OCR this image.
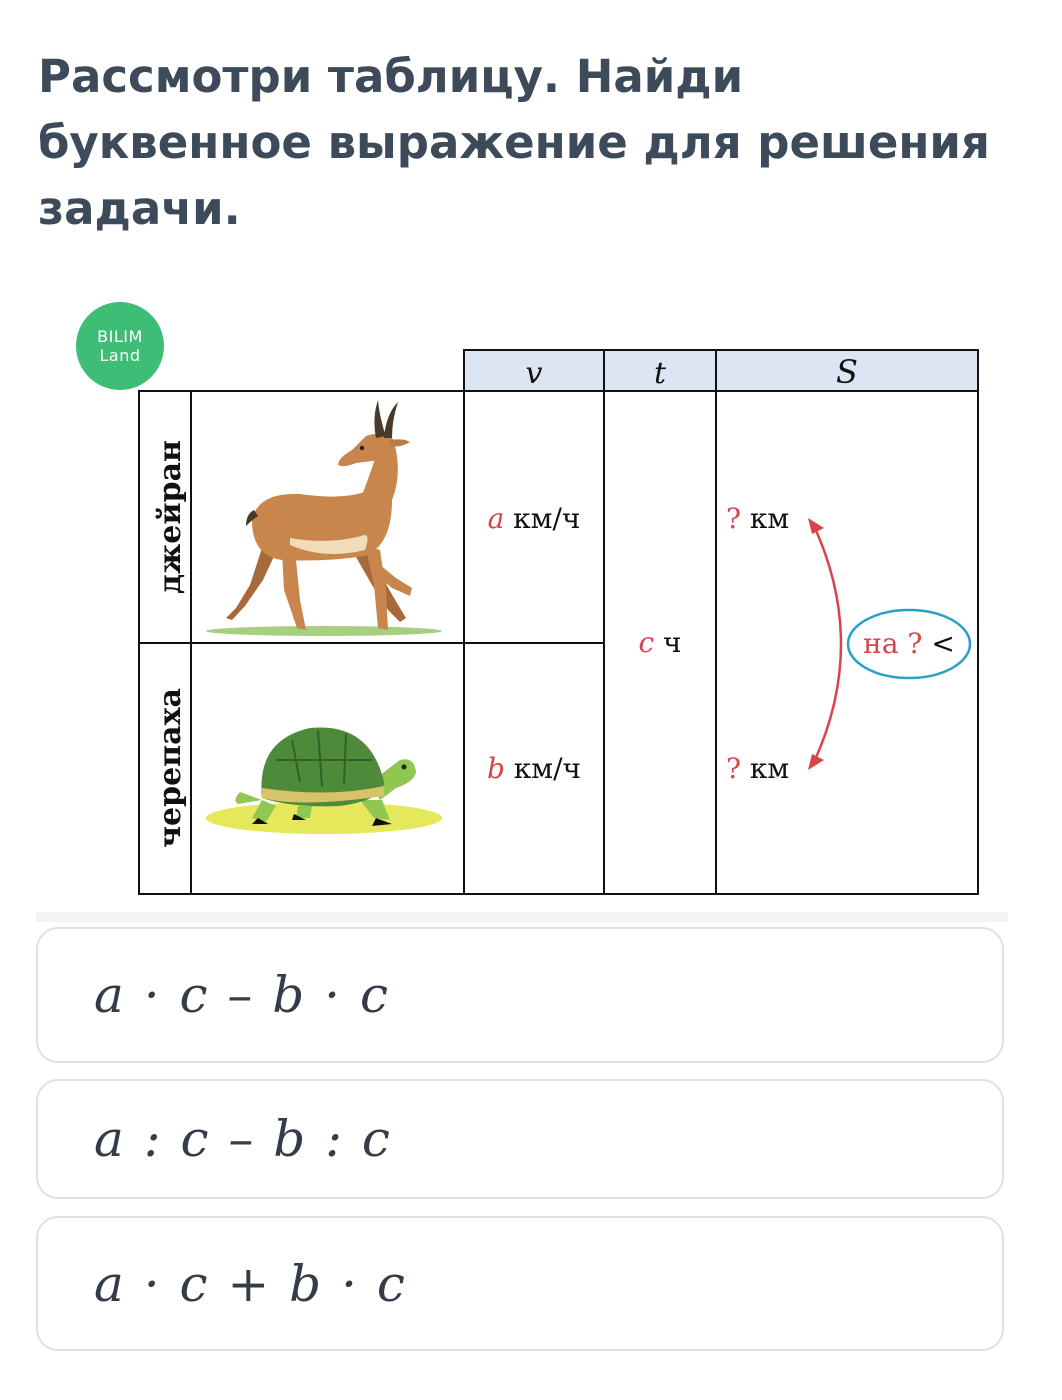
Рассмотри таблицу. Найди буквенное выражение для решения задачи.

BILIM
Land
v	t	S
джейран
черепаха
a км/ч
b км/ч
c ч
? км
? км
на ? <
a · c – b · c
a : c – b : c
a · c + b · c
